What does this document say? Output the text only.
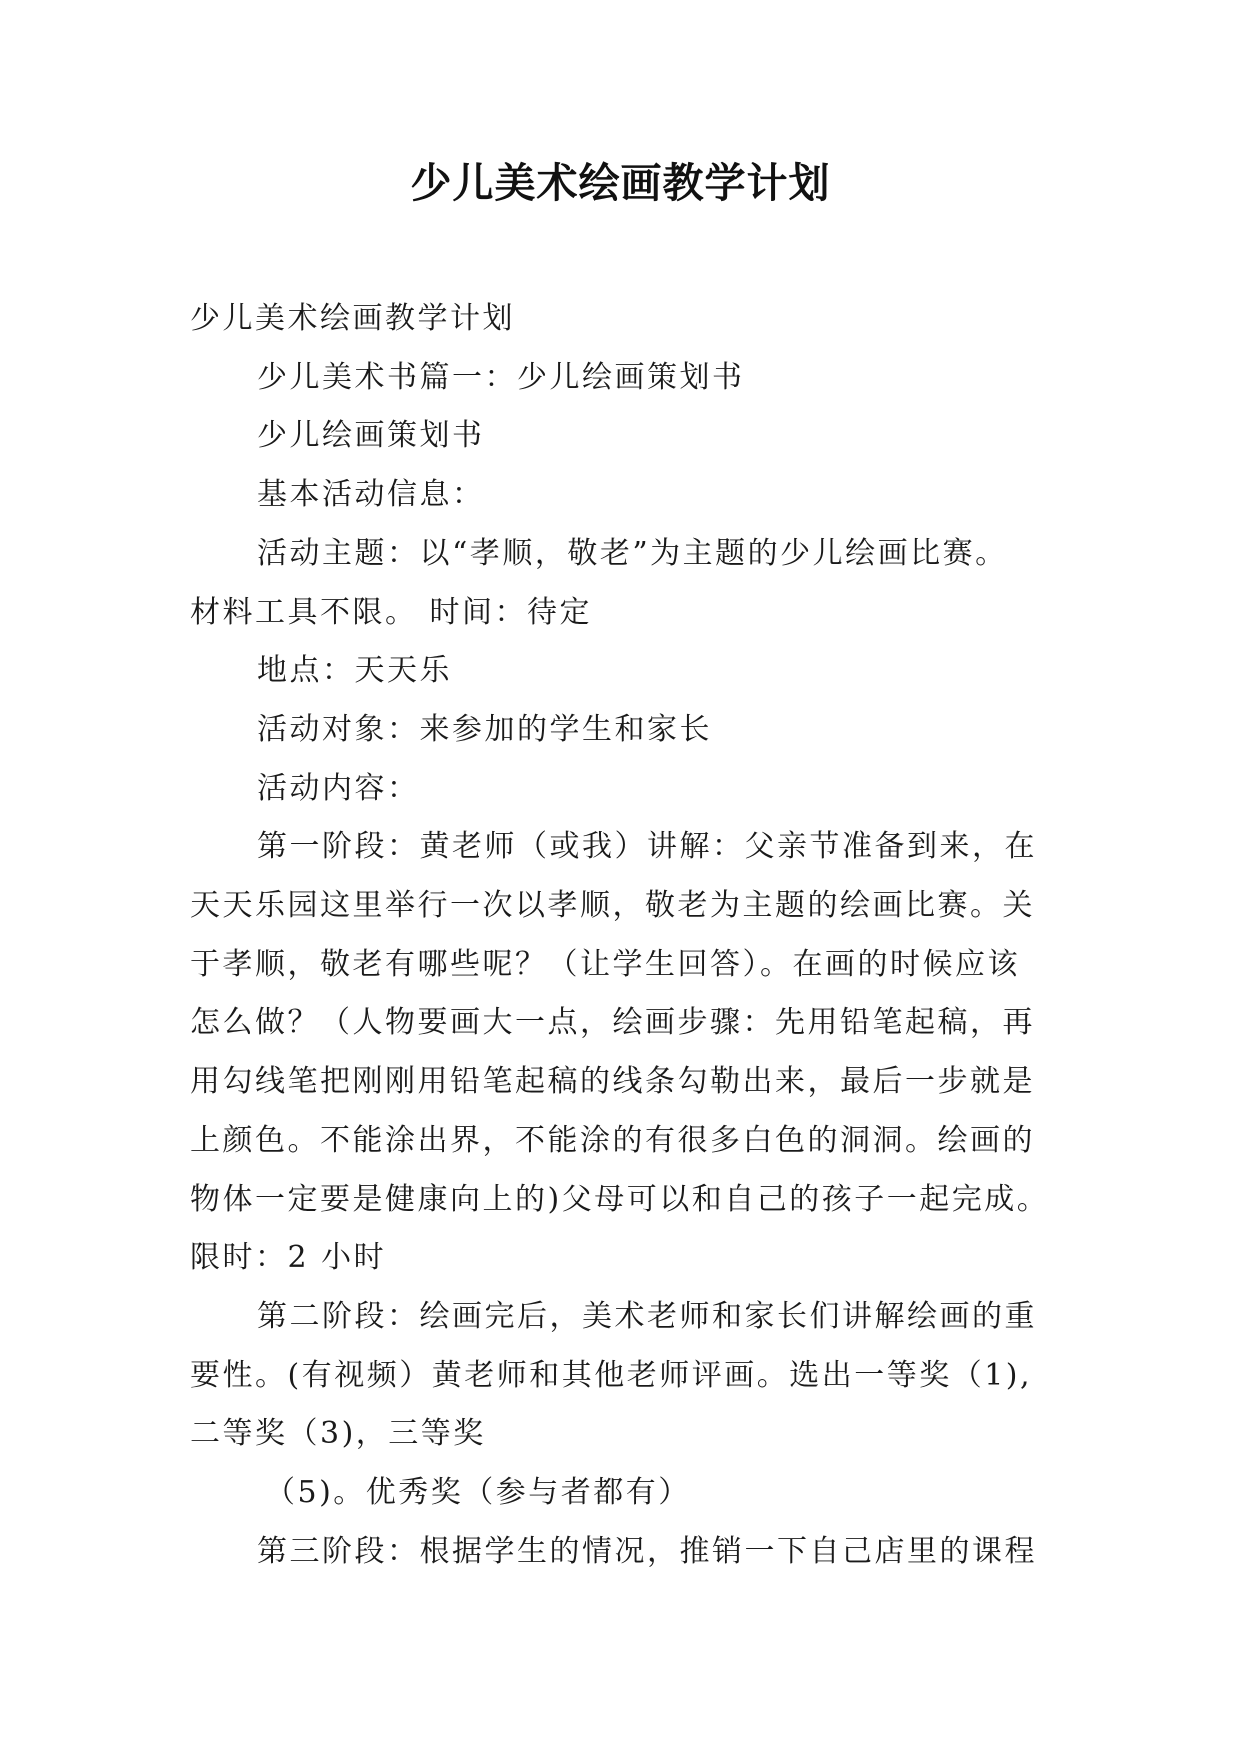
少儿美术绘画教学计划

少儿美术绘画教学计划

少儿美术书篇一：少儿绘画策划书

少儿绘画策划书

基本活动信息：

活动主题：以“孝顺，敬老”为主题的少儿绘画比赛。

材料工具不限。 时间：待定

地点：天天乐

活动对象：来参加的学生和家长

活动内容：

第一阶段：黄老师（或我）讲解：父亲节准备到来，在

天天乐园这里举行一次以孝顺，敬老为主题的绘画比赛。关

于孝顺，敬老有哪些呢？（让学生回答）。在画的时候应该

怎么做？（人物要画大一点，绘画步骤：先用铅笔起稿，再

用勾线笔把刚刚用铅笔起稿的线条勾勒出来，最后一步就是

上颜色。不能涂出界，不能涂的有很多白色的洞洞。绘画的

物体一定要是健康向上的)父母可以和自己的孩子一起完成。

限时：2 小时

第二阶段：绘画完后，美术老师和家长们讲解绘画的重

要性。(有视频）黄老师和其他老师评画。选出一等奖（1),

二等奖（3)，三等奖

（5)。优秀奖（参与者都有）

第三阶段：根据学生的情况，推销一下自己店里的课程
